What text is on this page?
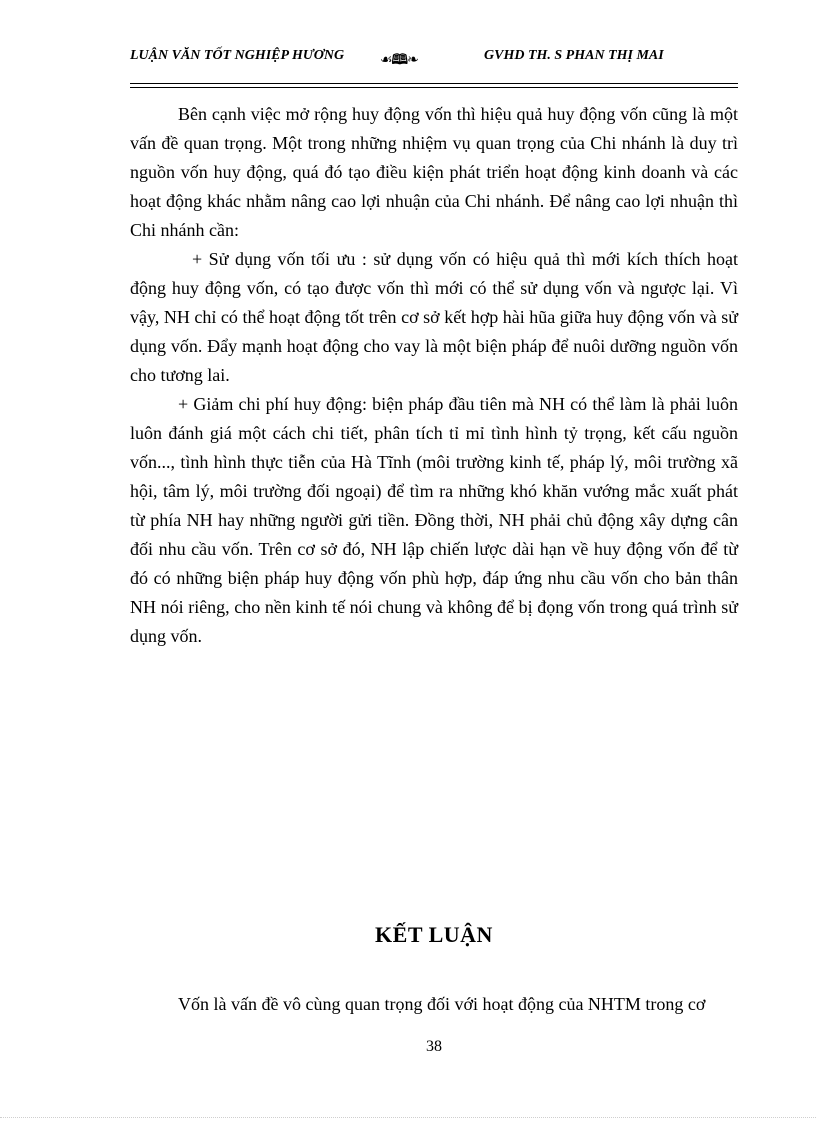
LUẬN VĂN TỐT NGHIỆP HƯƠNG	☙🕮❧	GVHD TH. S PHAN THỊ MAI

Bên cạnh việc mở rộng huy động vốn thì hiệu quả huy động vốn cũng là một vấn đề quan trọng. Một trong những nhiệm vụ quan trọng của Chi nhánh là duy trì nguồn vốn huy động, quá đó tạo điều kiện phát triển hoạt động kinh doanh và các hoạt động khác nhằm nâng cao lợi nhuận của Chi nhánh. Để nâng cao lợi nhuận thì Chi nhánh cần:

+ Sử dụng vốn tối ưu : sử dụng vốn có hiệu quả thì mới kích thích hoạt động huy động vốn, có tạo được vốn thì mới có thể sử dụng vốn và ngược lại. Vì vậy, NH chỉ có thể hoạt động tốt trên cơ sở kết hợp hài hũa giữa huy động vốn và sử dụng vốn. Đẩy mạnh hoạt động cho vay là một biện pháp để nuôi dưỡng nguồn vốn cho tương lai.

+ Giảm chi phí huy động: biện pháp đầu tiên mà NH có thể làm là phải luôn luôn đánh giá một cách chi tiết, phân tích tỉ mỉ tình hình tỷ trọng, kết cấu nguồn vốn..., tình hình thực tiễn của Hà Tĩnh (môi trường kinh tế, pháp lý, môi trường xã hội, tâm lý, môi trường đối ngoại) để tìm ra những khó khăn vướng mắc xuất phát từ phía NH hay những người gửi tiền. Đồng thời, NH phải chủ động xây dựng cân đối nhu cầu vốn. Trên cơ sở đó, NH lập chiến lược dài hạn về huy động vốn để từ đó có những biện pháp huy động vốn phù hợp, đáp ứng nhu cầu vốn cho bản thân NH nói riêng, cho nền kinh tế nói chung và không để bị đọng vốn trong quá trình sử dụng vốn.

KẾT LUẬN
Vốn là vấn đề vô cùng quan trọng đối với hoạt động của NHTM trong cơ
38
